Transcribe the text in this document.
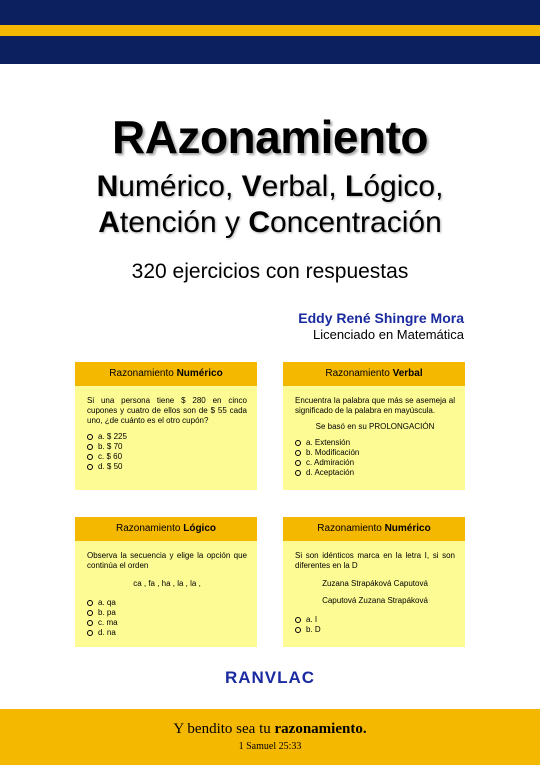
RAzonamiento
Numérico, Verbal, Lógico,
Atención y Concentración
320 ejercicios con respuestas
Eddy René Shingre Mora
Licenciado en Matemática
Razonamiento Numérico
Si una persona tiene $ 280 en cinco cupones y cuatro de ellos son de $ 55 cada uno, ¿de cuánto es el otro cupón?
a. $ 225
b. $ 70
c. $ 60
d. $ 50
Razonamiento Verbal
Encuentra la palabra que más se asemeja al significado de la palabra en mayúscula.
Se basó en su PROLONGACIÓN
a. Extensión
b. Modificación
c. Admiración
d. Aceptación
Razonamiento Lógico
Observa la secuencia y elige la opción que continúa el orden
ca , fa , ha , la , la ,
a. qa
b. pa
c. ma
d. na
Razonamiento Numérico
Si son idénticos marca en la letra I, si son diferentes en la D
Zuzana Strapáková Caputová
Caputová Zuzana Strapáková
a. I
b. D
RANVLAC
Y bendito sea tu razonamiento.
1 Samuel 25:33
